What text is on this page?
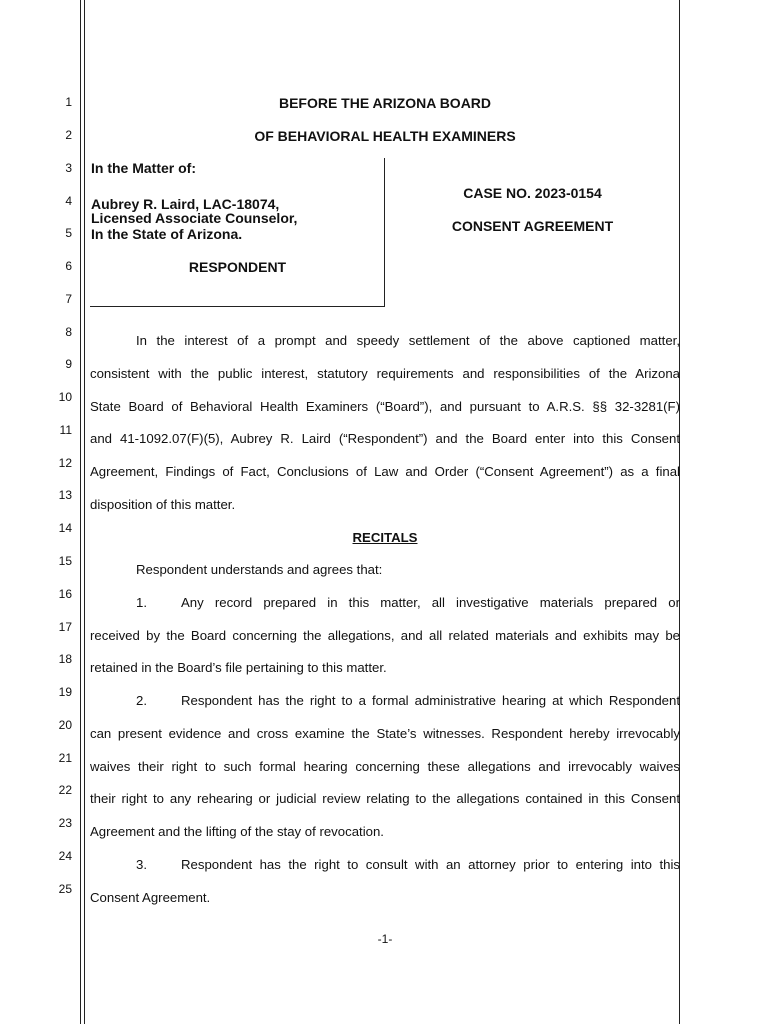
1
2
3
4
5
6
7
8
9
10
11
12
13
14
15
16
17
18
19
20
21
22
23
24
25
BEFORE THE ARIZONA BOARD
OF BEHAVIORAL HEALTH EXAMINERS
In the Matter of:
Aubrey R. Laird, LAC-18074,
Licensed Associate Counselor,
In the State of Arizona.
RESPONDENT
CASE NO. 2023-0154
CONSENT AGREEMENT
In the interest of a prompt and speedy settlement of the above captioned matter,
consistent with the public interest, statutory requirements and responsibilities of the Arizona
State Board of Behavioral Health Examiners (“Board”), and pursuant to A.R.S. §§ 32-3281(F)
and 41-1092.07(F)(5), Aubrey R. Laird (“Respondent”) and the Board enter into this Consent
Agreement, Findings of Fact, Conclusions of Law and Order (“Consent Agreement”) as a final
disposition of this matter.
RECITALS
Respondent understands and agrees that:
1.	Any record prepared in this matter, all investigative materials prepared or
received by the Board concerning the allegations, and all related materials and exhibits may be
retained in the Board’s file pertaining to this matter.
2.	Respondent has the right to a formal administrative hearing at which Respondent
can present evidence and cross examine the State’s witnesses. Respondent hereby irrevocably
waives their right to such formal hearing concerning these allegations and irrevocably waives
their right to any rehearing or judicial review relating to the allegations contained in this Consent
Agreement and the lifting of the stay of revocation.
3.	Respondent has the right to consult with an attorney prior to entering into this
Consent Agreement.
-1-
